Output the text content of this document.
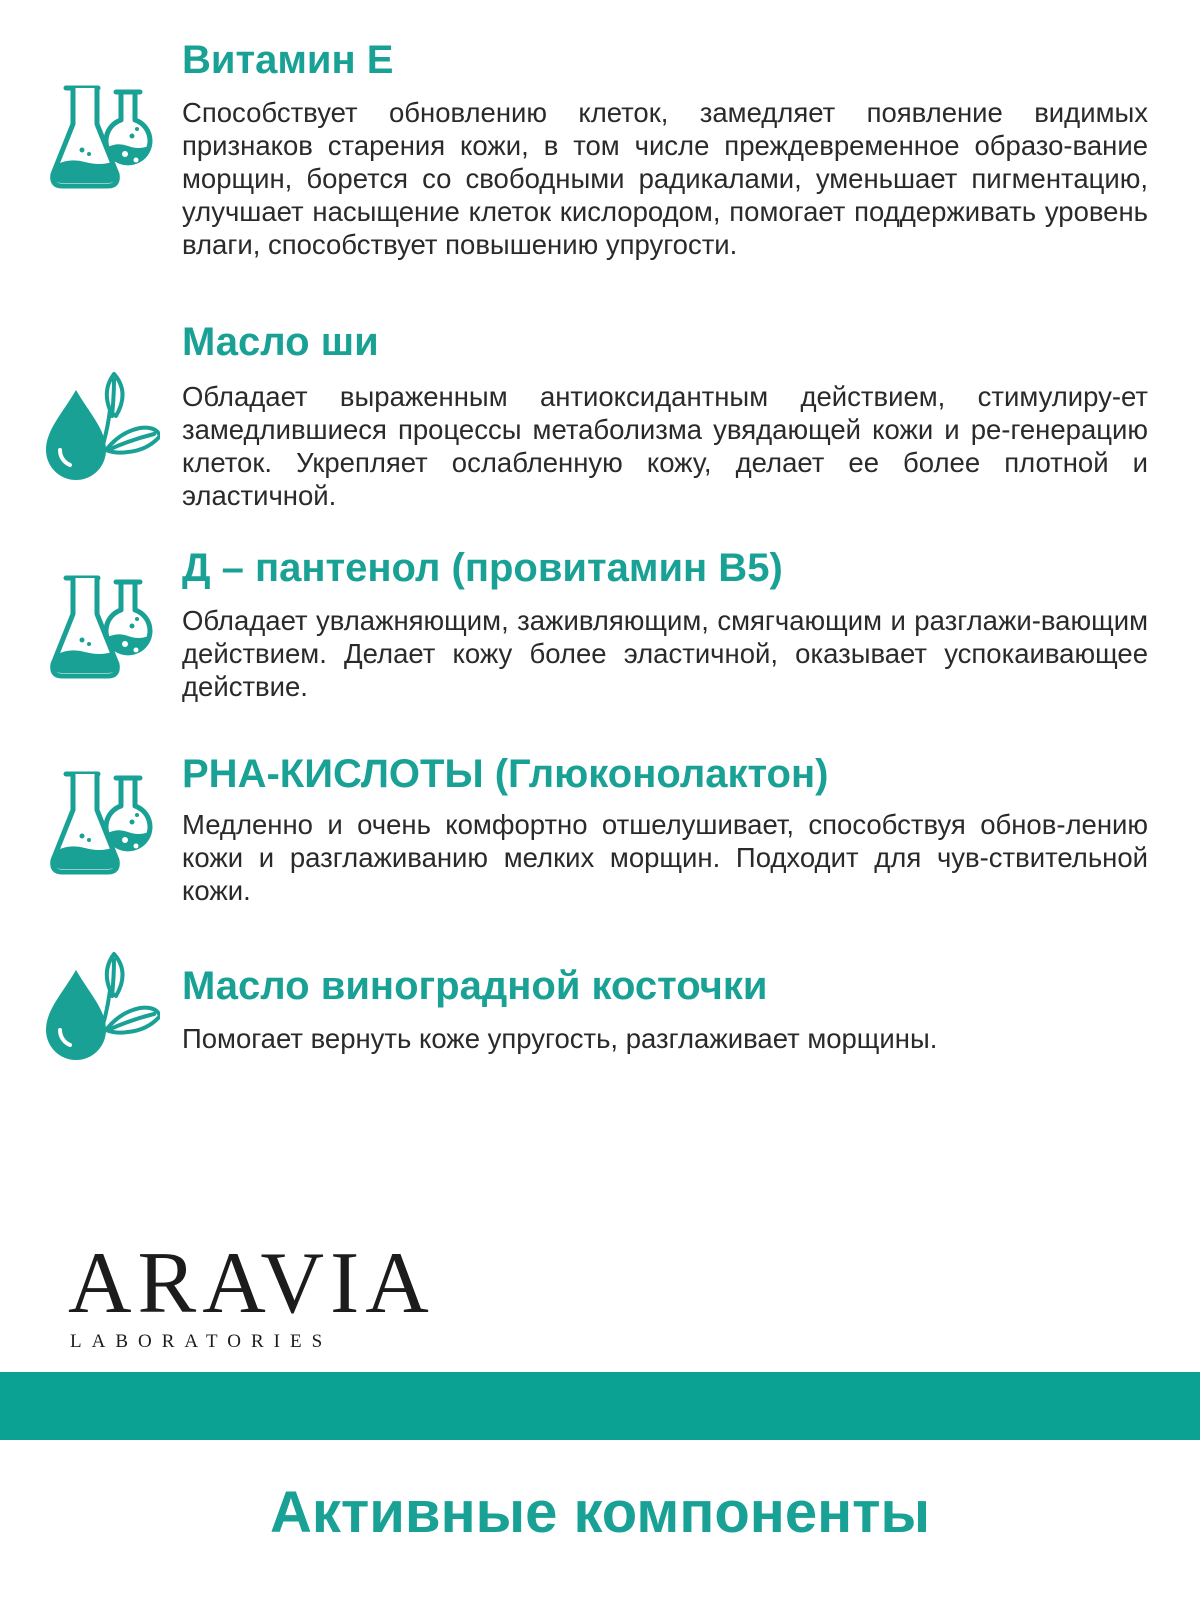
Витамин Е

Способствует обновлению клеток, замедляет появление видимых признаков старения кожи, в том числе преждевременное образо-вание морщин, борется со свободными радикалами, уменьшает пигментацию, улучшает насыщение клеток кислородом, помогает поддерживать уровень влаги, способствует повышению упругости.

Масло ши

Обладает выраженным антиоксидантным действием, стимулиру-ет замедлившиеся процессы метаболизма увядающей кожи и ре-генерацию клеток. Укрепляет ослабленную кожу, делает ее более плотной и эластичной.

Д – пантенол (провитамин В5)

Обладает увлажняющим, заживляющим, смягчающим и разглажи-вающим действием. Делает кожу более эластичной, оказывает успокаивающее действие.

PHA-КИСЛОТЫ (Глюконолактон)

Медленно и очень комфортно отшелушивает, способствуя обнов-лению кожи и разглаживанию мелких морщин. Подходит для чув-ствительной кожи.

Масло виноградной косточки

Помогает вернуть коже упругость, разглаживает морщины.

ARAVIA
LABORATORIES
Активные компоненты
